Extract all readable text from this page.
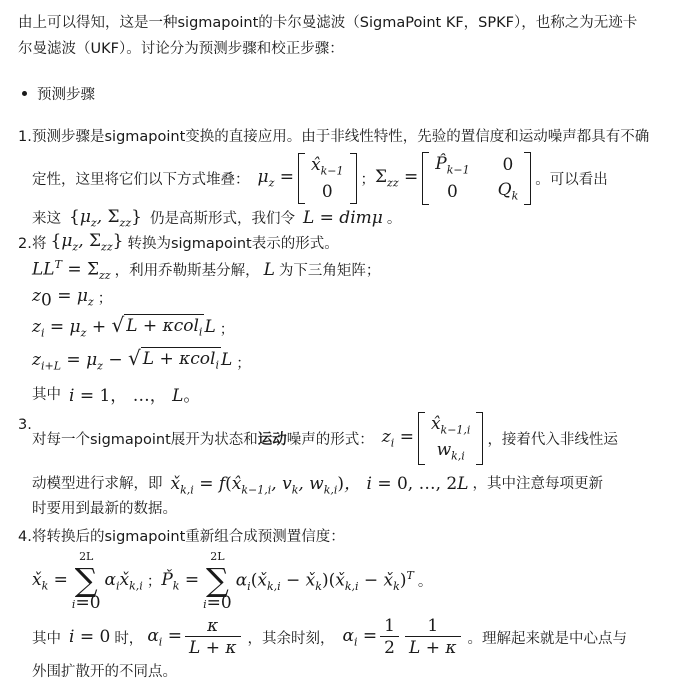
由上可以得知，这是一种sigmapoint的卡尔曼滤波（SigmaPoint KF，SPKF），也称之为无迹卡
尔曼滤波（UKF）。讨论分为预测步骤和校正步骤：
预测步骤
1. 预测步骤是sigmapoint变换的直接应用。由于非线性特性，先验的置信度和运动噪声都具有不确
定性，这里将它们以下方式堆叠： $\mu_z$ =
$x̂_{k-1}$
0
； $\Sigma_{zz}$ =
$P̂_{k-1}$ 0
0 $Q_k$
。可以看出
来这 {$\mu_z$, $\Sigma_{zz}$} 仍是高斯形式，我们令 L = dimμ 。
2. 将 {$\mu_z$, $\Sigma_{zz}$} 转换为sigmapoint表示的形式。
$LL^T = \Sigma_{zz}$ ，利用乔勒斯基分解， L 为下三角矩阵；
$z_0 = \mu_z$ ；
$z_i = \mu_z$ + √ L + κcol$_i$ L ；
$z_{i+L} = \mu_z$ − √ L + κcol$_i$ L ；
其中 i = 1， …， L。
3.
对每一个sigmapoint展开为状态和 运动 噪声的形式： $z_i$ =
$x̂_{k-1,i}$
$w_{k,i}$
，接着代入非线性运
动模型进行求解，即 $x̌_{k,i}$ = $f(x̂_{k-1,i}$, $v_k$, $w_{k,i}$)， i = 0, …, 2L ，其中注意每项更新
时要用到最新的数据。
4. 将转换后的sigmapoint重新组合成预测置信度：
$x̌_k$ =
2L
∑
i=0
$\alpha_ix̌_{k,i}$ ； $P̌_k$ =
2L
∑
i=0
$\alpha_i(x̌_{k,i}$ − $x̌_k)(x̌_{k,i}$ − $x̌_k)^T$ 。
其中 i = 0 时， $\alpha_i = \frac{\kappa}{L + \kappa}$ ，其余时刻， $\alpha_i = \frac{1}{2} \frac{1}{L + \kappa}$ 。理解起来就是中心点与
外围扩散开的不同点。
